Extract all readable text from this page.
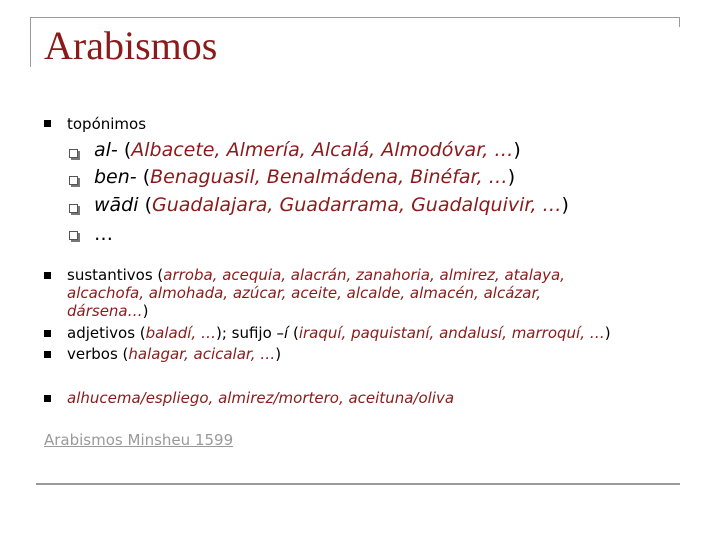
Arabismos
topónimos
al- (Albacete, Almería, Alcalá, Almodóvar, …)
ben- (Benaguasil, Benalmádena, Binéfar, …)
wādi (Guadalajara, Guadarrama, Guadalquivir, …)
…
sustantivos (arroba, acequia, alacrán, zanahoria, almirez, atalaya,
alcachofa, almohada, azúcar, aceite, alcalde, almacén, alcázar,
dársena…)
adjetivos (baladí, …); sufijo –í (iraquí, paquistaní, andalusí, marroquí, …)
verbos (halagar, acicalar, …)
alhucema/espliego, almirez/mortero, aceituna/oliva
Arabismos Minsheu 1599
